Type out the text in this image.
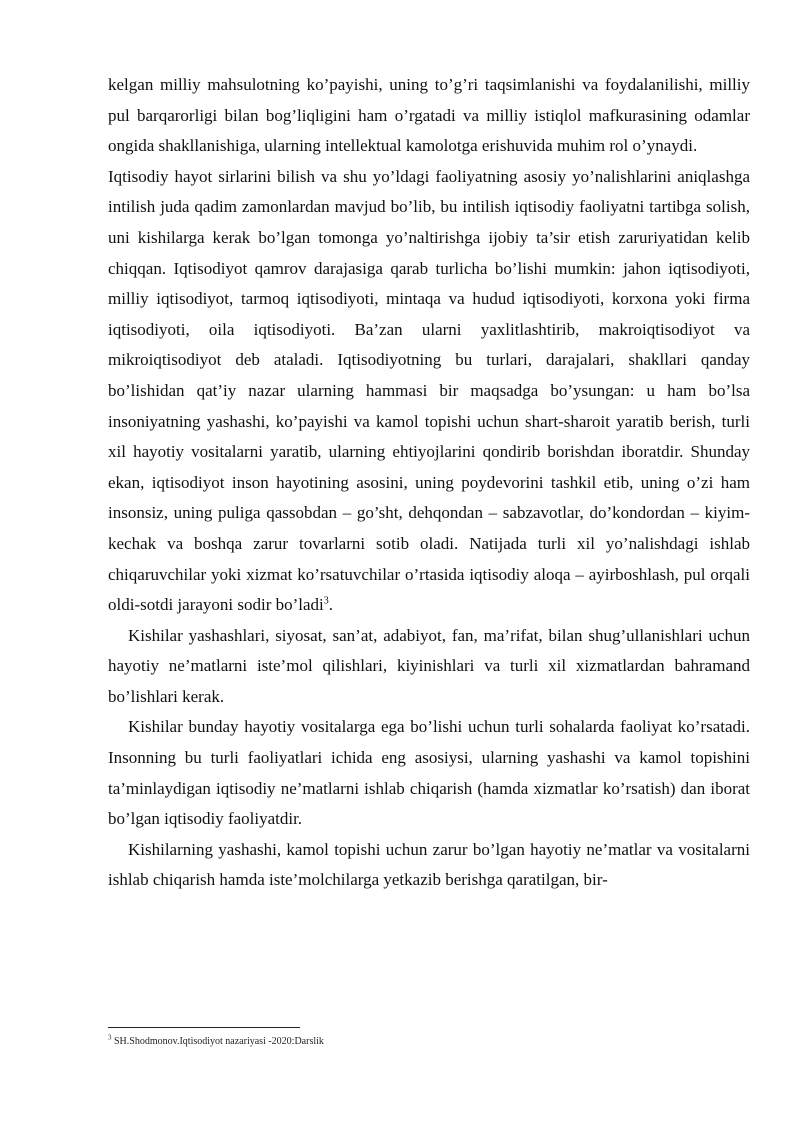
kelgan milliy mahsulotning ko’payishi, uning to’g’ri taqsimlanishi va foydalanilishi, milliy pul barqarorligi bilan bog’liqligini ham o’rgatadi va milliy istiqlol mafkurasining odamlar ongida shakllanishiga, ularning intellektual kamolotga erishuvida muhim rol o’ynaydi.

Iqtisodiy hayot sirlarini bilish va shu yo’ldagi faoliyatning asosiy yo’nalishlarini aniqlashga intilish juda qadim zamonlardan mavjud bo’lib, bu intilish iqtisodiy faoliyatni tartibga solish, uni kishilarga kerak bo’lgan tomonga yo’naltirishga ijobiy ta’sir etish zaruriyatidan kelib chiqqan. Iqtisodiyot qamrov darajasiga qarab turlicha bo’lishi mumkin: jahon iqtisodiyoti, milliy iqtisodiyot, tarmoq iqtisodiyoti, mintaqa va hudud iqtisodiyoti, korxona yoki firma iqtisodiyoti, oila iqtisodiyoti. Ba’zan ularni yaxlitlashtirib, makroiqtisodiyot va mikroiqtisodiyot deb ataladi. Iqtisodiyotning bu turlari, darajalari, shakllari qanday bo’lishidan qat’iy nazar ularning hammasi bir maqsadga bo’ysungan: u ham bo’lsa insoniyatning yashashi, ko’payishi va kamol topishi uchun shart-sharoit yaratib berish, turli xil hayotiy vositalarni yaratib, ularning ehtiyojlarini qondirib borishdan iboratdir. Shunday ekan, iqtisodiyot inson hayotining asosini, uning poydevorini tashkil etib, uning o’zi ham insonsiz, uning puliga qassobdan – go’sht, dehqondan – sabzavotlar, do’kondordan – kiyim-kechak va boshqa zarur tovarlarni sotib oladi. Natijada turli xil yo’nalishdagi ishlab chiqaruvchilar yoki xizmat ko’rsatuvchilar o’rtasida iqtisodiy aloqa – ayirboshlash, pul orqali oldi-sotdi jarayoni sodir bo’ladi$^3$.

Kishilar yashashlari, siyosat, san’at, adabiyot, fan, ma’rifat, bilan shug’ullanishlari uchun hayotiy ne’matlarni iste’mol qilishlari, kiyinishlari va turli xil xizmatlardan bahramand bo’lishlari kerak.

Kishilar bunday hayotiy vositalarga ega bo’lishi uchun turli sohalarda faoliyat ko’rsatadi. Insonning bu turli faoliyatlari ichida eng asosiysi, ularning yashashi va kamol topishini ta’minlaydigan iqtisodiy ne’matlarni ishlab chiqarish (hamda xizmatlar ko’rsatish) dan iborat bo’lgan iqtisodiy faoliyatdir.

Kishilarning yashashi, kamol topishi uchun zarur bo’lgan hayotiy ne’matlar va vositalarni ishlab chiqarish hamda iste’molchilarga yetkazib berishga qaratilgan, bir-

$^3$ SH.Shodmonov.Iqtisodiyot nazariyasi -2020:Darslik
